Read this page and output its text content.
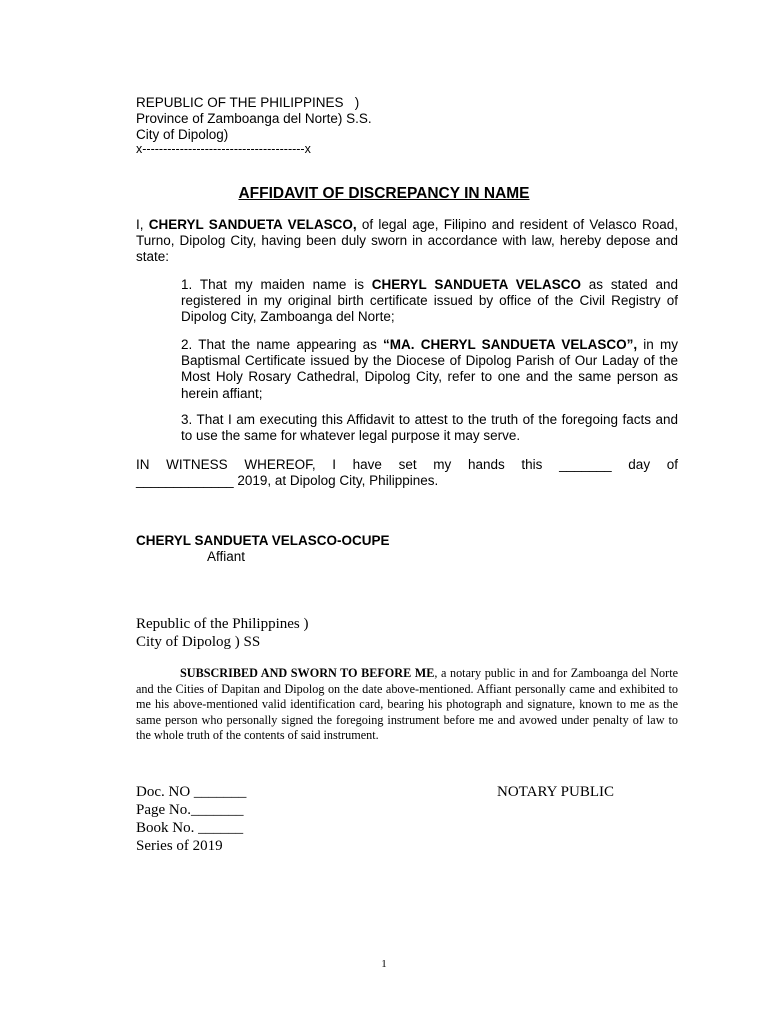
REPUBLIC OF THE PHILIPPINES   )
Province of Zamboanga del Norte) S.S.
City of Dipolog)
x---------------------------------------x
AFFIDAVIT OF DISCREPANCY IN NAME
I, CHERYL SANDUETA VELASCO, of legal age, Filipino and resident of Velasco Road, Turno, Dipolog City, having been duly sworn in accordance with law, hereby depose and state:
1. That my maiden name is CHERYL SANDUETA VELASCO as stated and registered in my original birth certificate issued by office of the Civil Registry of Dipolog City, Zamboanga del Norte;
2. That the name appearing as “MA. CHERYL SANDUETA VELASCO”, in my Baptismal Certificate issued by the Diocese of Dipolog Parish of Our Laday of the Most Holy Rosary Cathedral, Dipolog City, refer to one and the same person as herein affiant;
3. That I am executing this Affidavit to attest to the truth of the foregoing facts and to use the same for whatever legal purpose it may serve.
IN WITNESS WHEREOF, I have set my hands this _______ day of
_____________ 2019, at Dipolog City, Philippines.
CHERYL SANDUETA VELASCO-OCUPE
Affiant
Republic of the Philippines )
City of Dipolog ) SS
SUBSCRIBED AND SWORN TO BEFORE ME, a notary public in and for Zamboanga del Norte and the Cities of Dapitan and Dipolog on the date above-mentioned. Affiant personally came and exhibited to me his above-mentioned valid identification card, bearing his photograph and signature, known to me as the same person who personally signed the foregoing instrument before me and avowed under penalty of law to the whole truth of the contents of said instrument.
Doc. NO _______
Page No._______
Book No. ______
Series of 2019
NOTARY PUBLIC
1
